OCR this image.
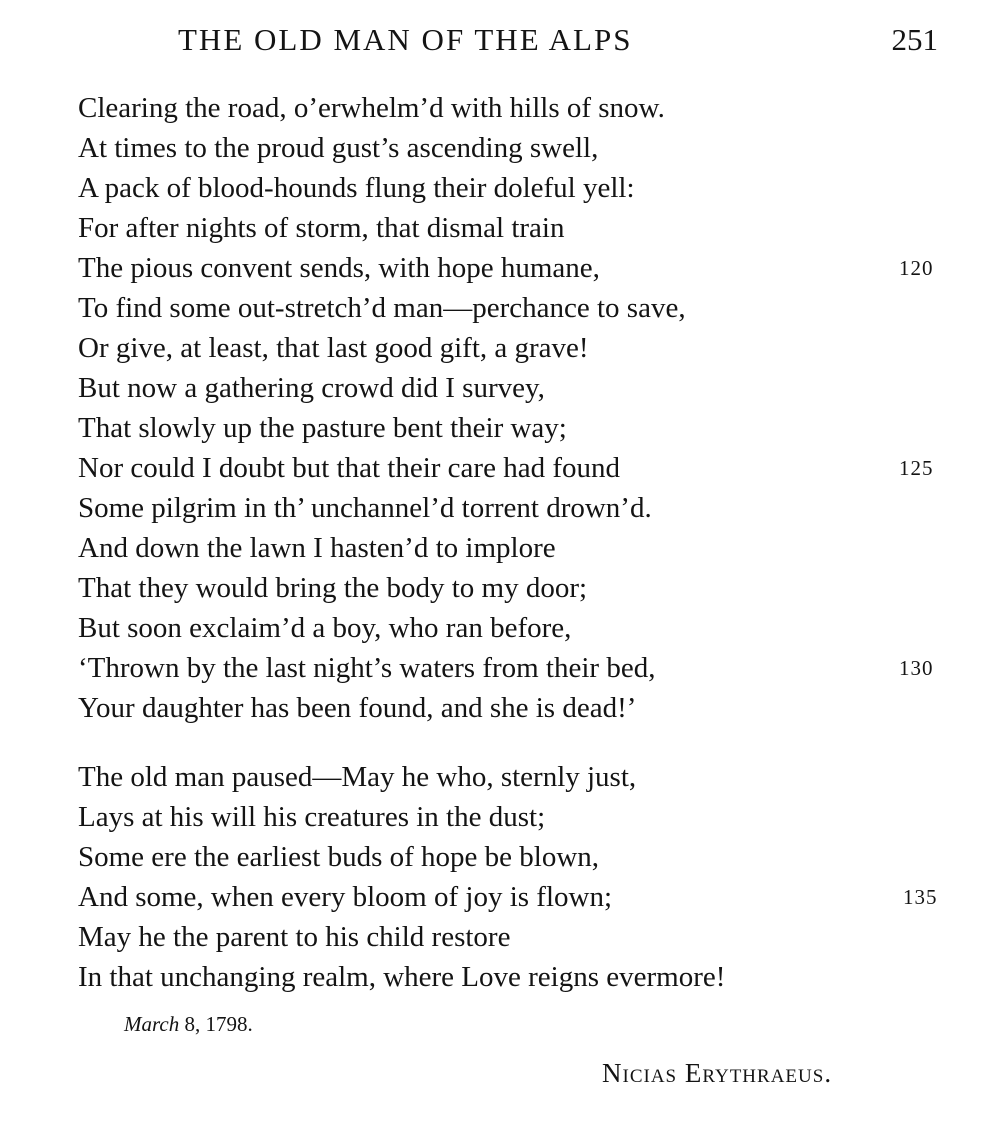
THE OLD MAN OF THE ALPS	251
Clearing the road, o’erwhelm’d with hills of snow.
At times to the proud gust’s ascending swell,
A pack of blood-hounds flung their doleful yell:
For after nights of storm, that dismal train
The pious convent sends, with hope humane,	120
To find some out-stretch’d man—perchance to save,
Or give, at least, that last good gift, a grave!
But now a gathering crowd did I survey,
That slowly up the pasture bent their way;
Nor could I doubt but that their care had found	125
Some pilgrim in th’ unchannel’d torrent drown’d.
And down the lawn I hasten’d to implore
That they would bring the body to my door;
But soon exclaim’d a boy, who ran before,
‘Thrown by the last night’s waters from their bed,	130
Your daughter has been found, and she is dead!’
The old man paused—May he who, sternly just,
Lays at his will his creatures in the dust;
Some ere the earliest buds of hope be blown,
And some, when every bloom of joy is flown;	135
May he the parent to his child restore
In that unchanging realm, where Love reigns evermore!
March 8, 1798.
Nicias Erythraeus.
